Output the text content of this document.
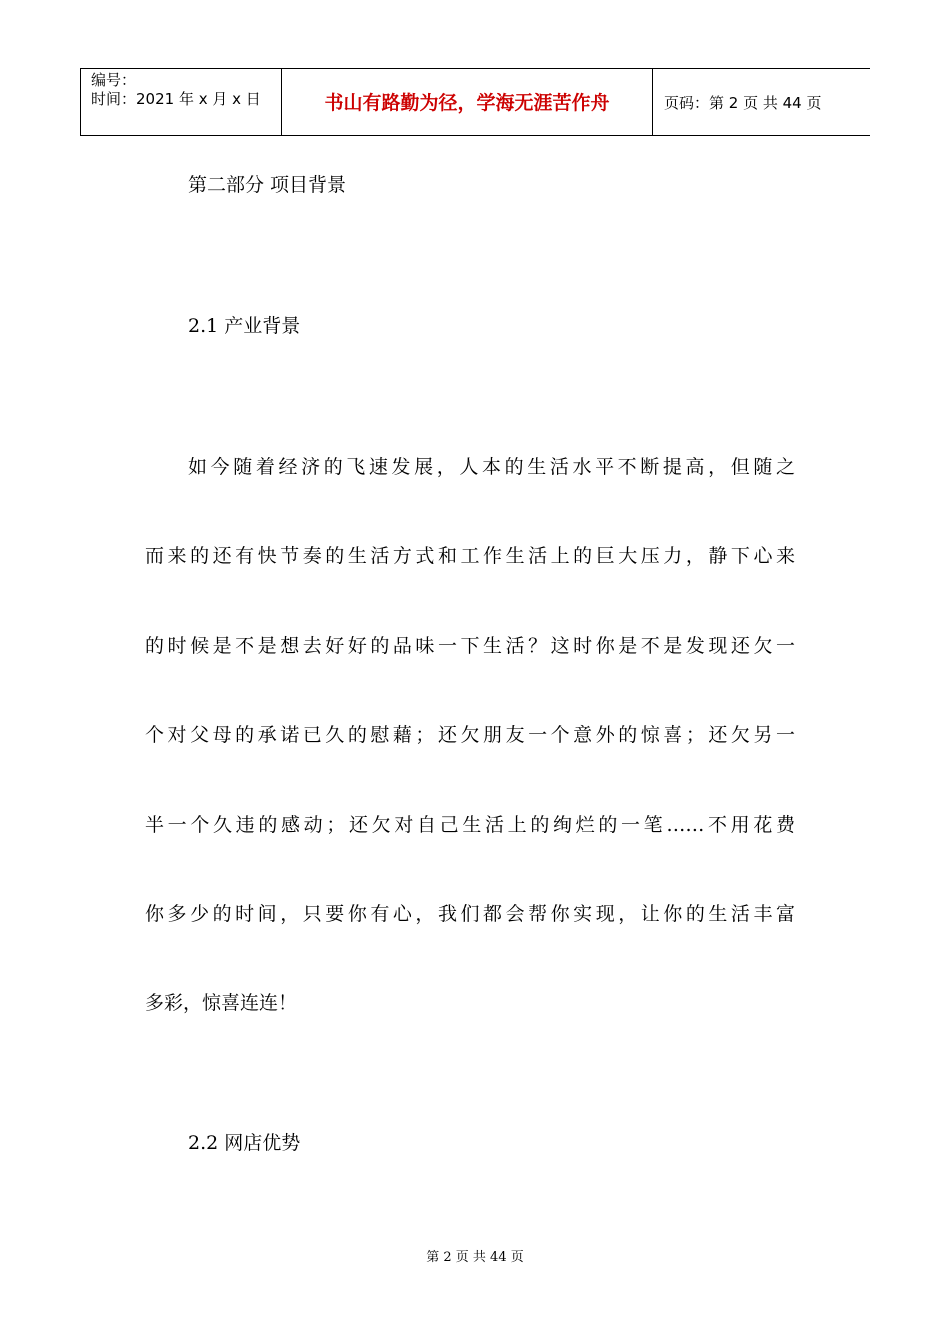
编号：
时间：2021 年 x 月 x 日	书山有路勤为径，学海无涯苦作舟	页码：第 2 页 共 44 页
第二部分 项目背景
2.1 产业背景
如今随着经济的飞速发展，人本的生活水平不断提高，但随之
而来的还有快节奏的生活方式和工作生活上的巨大压力，静下心来
的时候是不是想去好好的品味一下生活？这时你是不是发现还欠一
个对父母的承诺已久的慰藉；还欠朋友一个意外的惊喜；还欠另一
半一个久违的感动；还欠对自己生活上的绚烂的一笔……不用花费
你多少的时间，只要你有心，我们都会帮你实现，让你的生活丰富
多彩，惊喜连连！
2.2 网店优势
第 2 页 共 44 页
